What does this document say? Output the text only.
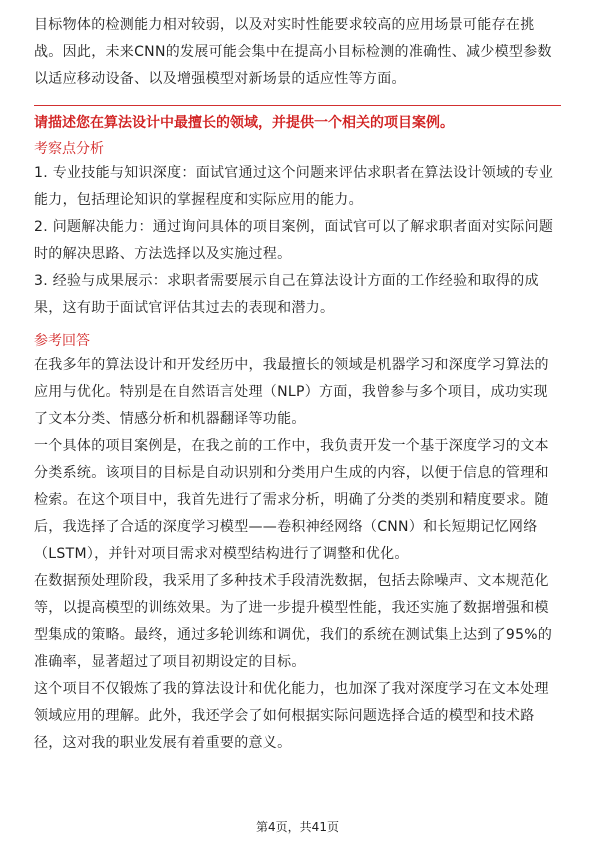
目标物体的检测能力相对较弱，以及对实时性能要求较高的应用场景可能存在挑

战。因此，未来CNN的发展可能会集中在提高小目标检测的准确性、减少模型参数

以适应移动设备、以及增强模型对新场景的适应性等方面。

请描述您在算法设计中最擅长的领域，并提供一个相关的项目案例。

考察点分析

1. 专业技能与知识深度：面试官通过这个问题来评估求职者在算法设计领域的专业

能力，包括理论知识的掌握程度和实际应用的能力。

2. 问题解决能力：通过询问具体的项目案例，面试官可以了解求职者面对实际问题

时的解决思路、方法选择以及实施过程。

3. 经验与成果展示：求职者需要展示自己在算法设计方面的工作经验和取得的成

果，这有助于面试官评估其过去的表现和潜力。

参考回答

在我多年的算法设计和开发经历中，我最擅长的领域是机器学习和深度学习算法的

应用与优化。特别是在自然语言处理（NLP）方面，我曾参与多个项目，成功实现

了文本分类、情感分析和机器翻译等功能。

一个具体的项目案例是，在我之前的工作中，我负责开发一个基于深度学习的文本

分类系统。该项目的目标是自动识别和分类用户生成的内容，以便于信息的管理和

检索。在这个项目中，我首先进行了需求分析，明确了分类的类别和精度要求。随

后，我选择了合适的深度学习模型——卷积神经网络（CNN）和长短期记忆网络

（LSTM），并针对项目需求对模型结构进行了调整和优化。

在数据预处理阶段，我采用了多种技术手段清洗数据，包括去除噪声、文本规范化

等，以提高模型的训练效果。为了进一步提升模型性能，我还实施了数据增强和模

型集成的策略。最终，通过多轮训练和调优，我们的系统在测试集上达到了95%的

准确率，显著超过了项目初期设定的目标。

这个项目不仅锻炼了我的算法设计和优化能力，也加深了我对深度学习在文本处理

领域应用的理解。此外，我还学会了如何根据实际问题选择合适的模型和技术路

径，这对我的职业发展有着重要的意义。

第4页，共41页
